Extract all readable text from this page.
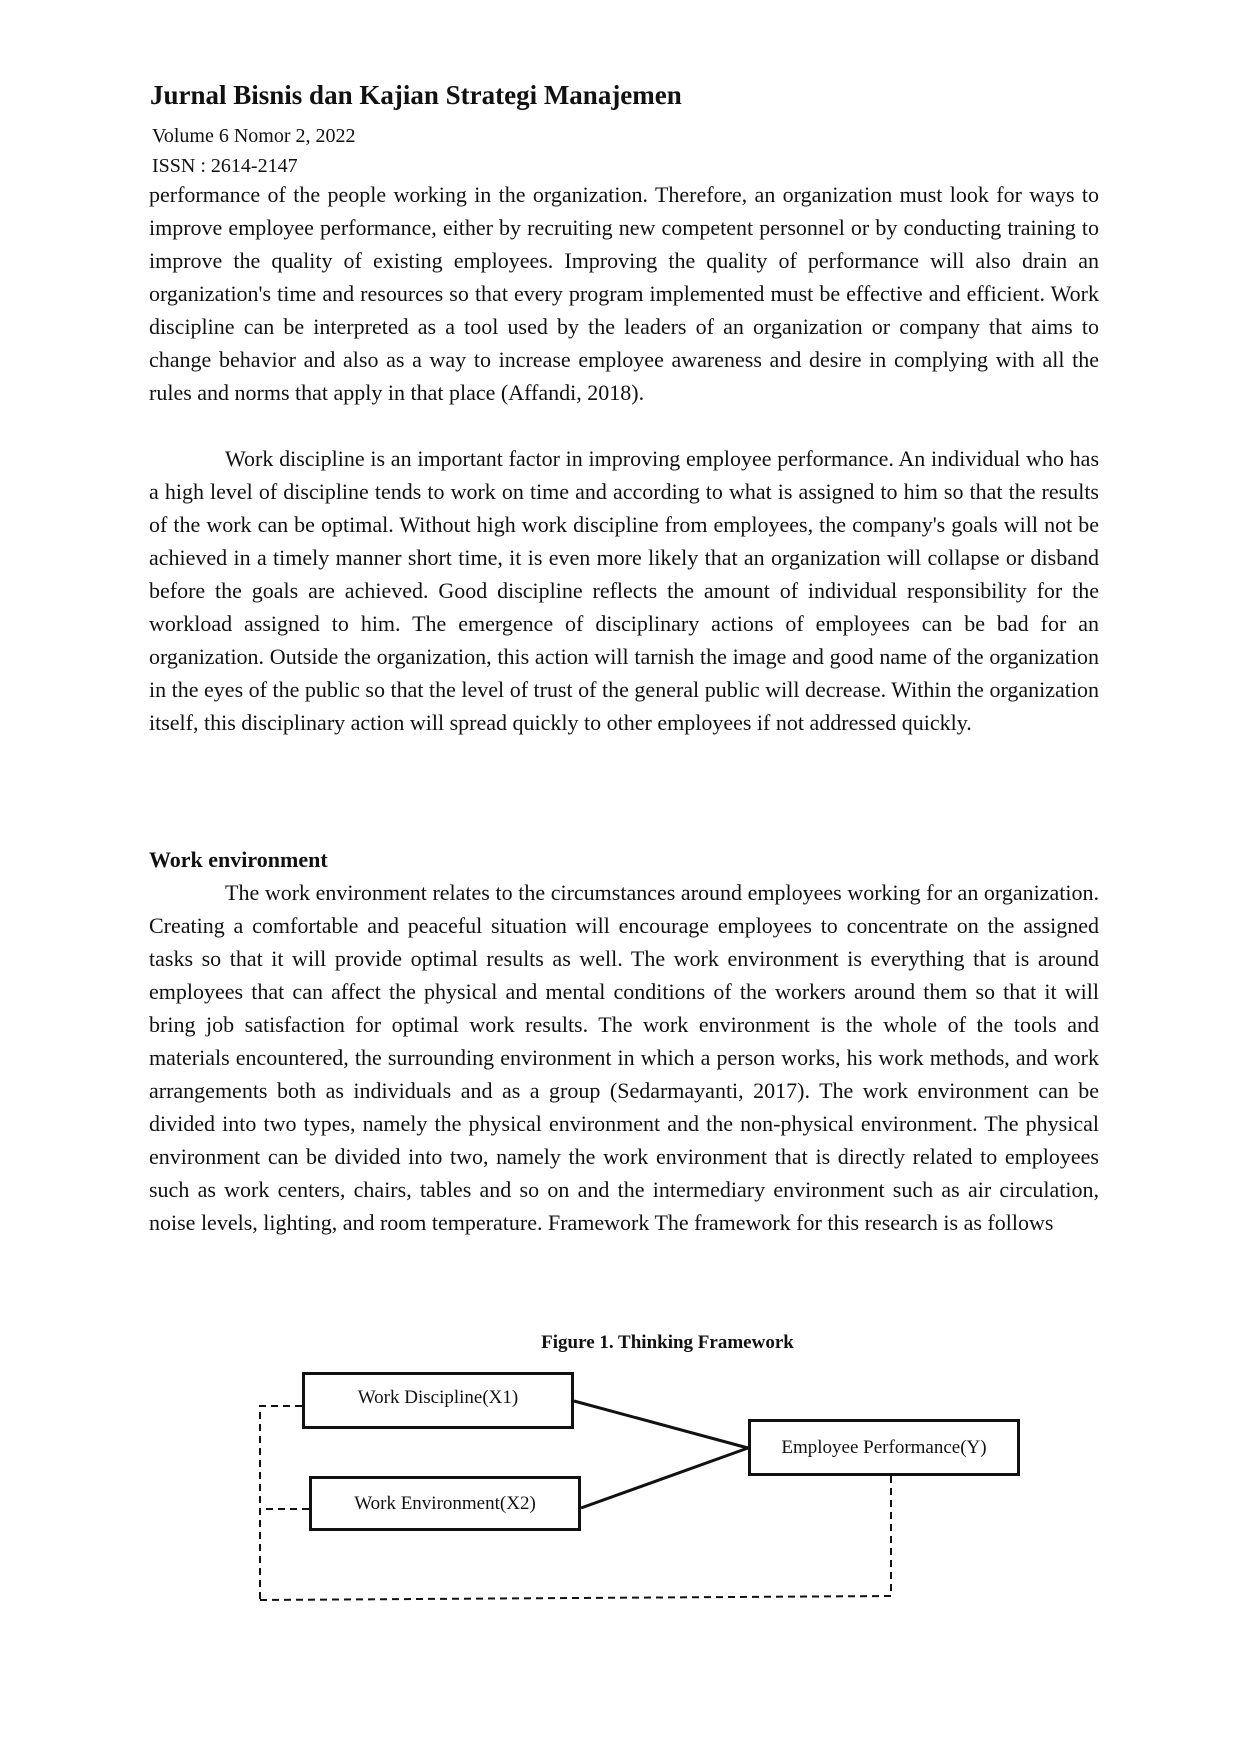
Jurnal Bisnis dan Kajian Strategi Manajemen
Volume 6 Nomor 2, 2022
ISSN : 2614-2147

performance of the people working in the organization. Therefore, an organization must look for ways to improve employee performance, either by recruiting new competent personnel or by conducting training to improve the quality of existing employees. Improving the quality of performance will also drain an organization's time and resources so that every program implemented must be effective and efficient. Work discipline can be interpreted as a tool used by the leaders of an organization or company that aims to change behavior and also as a way to increase employee awareness and desire in complying with all the rules and norms that apply in that place (Affandi, 2018).

Work discipline is an important factor in improving employee performance. An individual who has a high level of discipline tends to work on time and according to what is assigned to him so that the results of the work can be optimal. Without high work discipline from employees, the company's goals will not be achieved in a timely manner short time, it is even more likely that an organization will collapse or disband before the goals are achieved. Good discipline reflects the amount of individual responsibility for the workload assigned to him. The emergence of disciplinary actions of employees can be bad for an organization. Outside the organization, this action will tarnish the image and good name of the organization in the eyes of the public so that the level of trust of the general public will decrease. Within the organization itself, this disciplinary action will spread quickly to other employees if not addressed quickly.

Work environment

The work environment relates to the circumstances around employees working for an organization. Creating a comfortable and peaceful situation will encourage employees to concentrate on the assigned tasks so that it will provide optimal results as well. The work environment is everything that is around employees that can affect the physical and mental conditions of the workers around them so that it will bring job satisfaction for optimal work results. The work environment is the whole of the tools and materials encountered, the surrounding environment in which a person works, his work methods, and work arrangements both as individuals and as a group (Sedarmayanti, 2017). The work environment can be divided into two types, namely the physical environment and the non-physical environment. The physical environment can be divided into two, namely the work environment that is directly related to employees such as work centers, chairs, tables and so on and the intermediary environment such as air circulation, noise levels, lighting, and room temperature. Framework The framework for this research is as follows

Figure 1. Thinking Framework

Work Discipline(X1)
Work Environment(X2)
Employee Performance(Y)
